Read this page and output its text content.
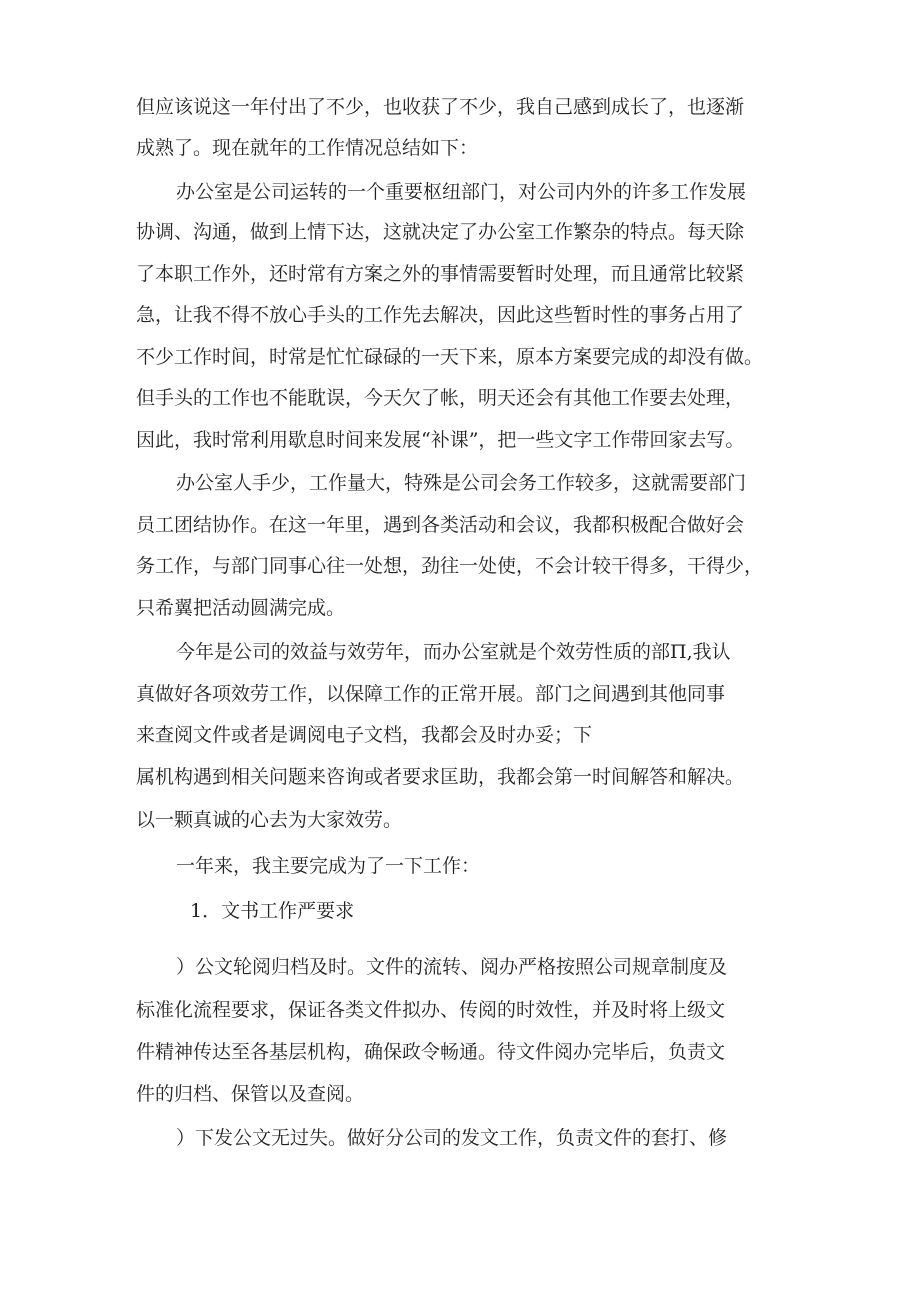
但应该说这一年付出了不少，也收获了不少，我自己感到成长了，也逐渐
成熟了。现在就年的工作情况总结如下：
办公室是公司运转的一个重要枢纽部门，对公司内外的许多工作发展
协调、沟通，做到上情下达，这就决定了办公室工作繁杂的特点。每天除
了本职工作外，还时常有方案之外的事情需要暂时处理，而且通常比较紧
急，让我不得不放心手头的工作先去解决，因此这些暂时性的事务占用了
不少工作时间，时常是忙忙碌碌的一天下来，原本方案要完成的却没有做。
但手头的工作也不能耽误，今天欠了帐，明天还会有其他工作要去处理，
因此，我时常利用歇息时间来发展“补课”，把一些文字工作带回家去写。
办公室人手少，工作量大，特殊是公司会务工作较多，这就需要部门
员工团结协作。在这一年里，遇到各类活动和会议，我都积极配合做好会
务工作，与部门同事心往一处想，劲往一处使，不会计较干得多，干得少，
只希翼把活动圆满完成。
今年是公司的效益与效劳年，而办公室就是个效劳性质的部Π,我认
真做好各项效劳工作，以保障工作的正常开展。部门之间遇到其他同事
来查阅文件或者是调阅电子文档，我都会及时办妥；下
属机构遇到相关问题来咨询或者要求匡助，我都会第一时间解答和解决。
以一颗真诚的心去为大家效劳。
一年来，我主要完成为了一下工作：
1．文书工作严要求
）公文轮阅归档及时。文件的流转、阅办严格按照公司规章制度及
标准化流程要求，保证各类文件拟办、传阅的时效性，并及时将上级文
件精神传达至各基层机构，确保政令畅通。待文件阅办完毕后，负责文
件的归档、保管以及查阅。
）下发公文无过失。做好分公司的发文工作，负责文件的套打、修
